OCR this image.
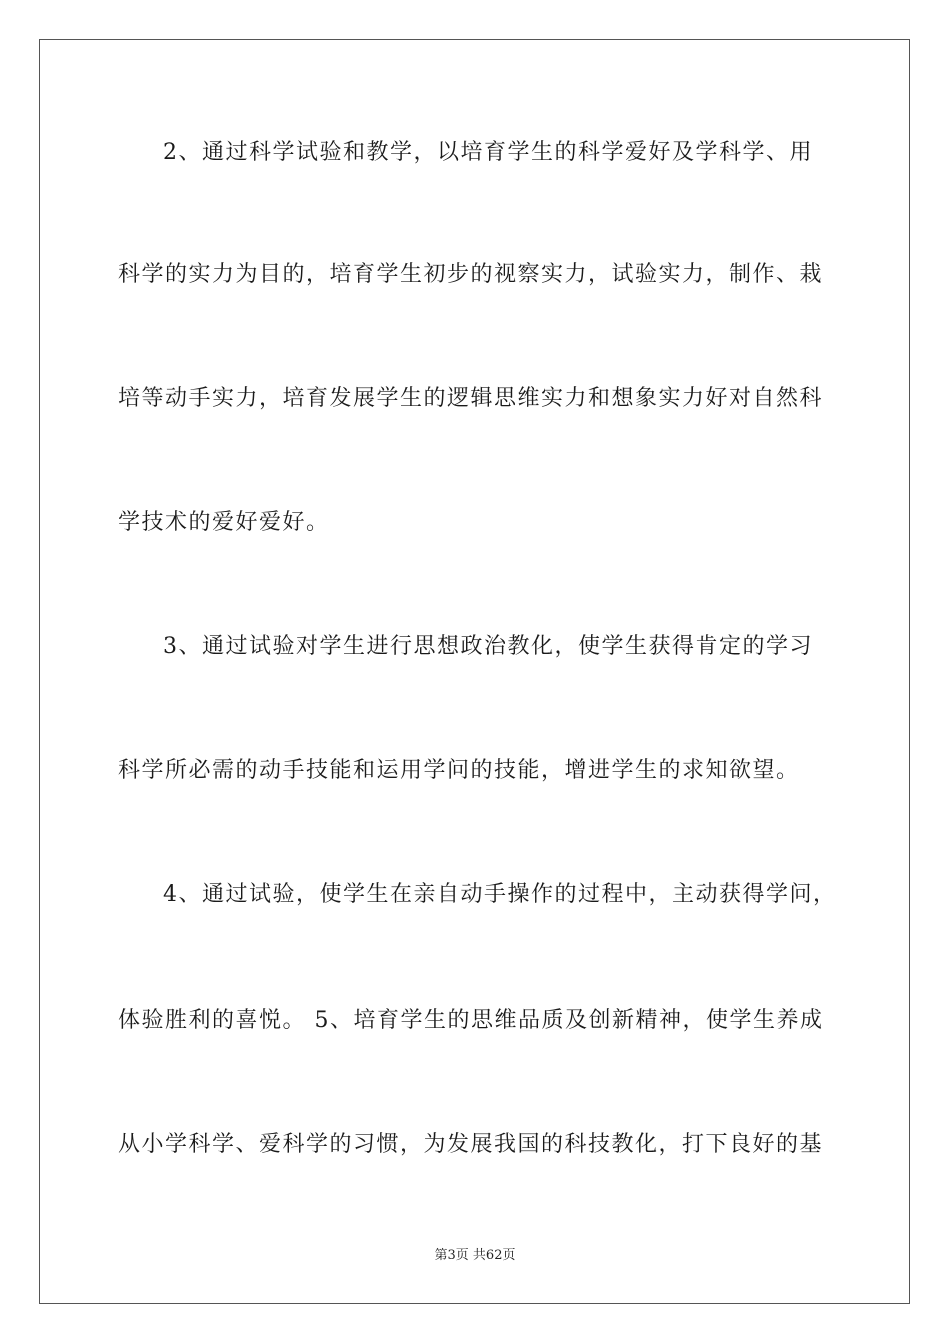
2、通过科学试验和教学，以培育学生的科学爱好及学科学、用
科学的实力为目的，培育学生初步的视察实力，试验实力，制作、栽
培等动手实力，培育发展学生的逻辑思维实力和想象实力好对自然科
学技术的爱好爱好。
3、通过试验对学生进行思想政治教化，使学生获得肯定的学习
科学所必需的动手技能和运用学问的技能，增进学生的求知欲望。
4、通过试验，使学生在亲自动手操作的过程中，主动获得学问，
体验胜利的喜悦。 5、培育学生的思维品质及创新精神，使学生养成
从小学科学、爱科学的习惯，为发展我国的科技教化，打下良好的基
第3页 共62页
